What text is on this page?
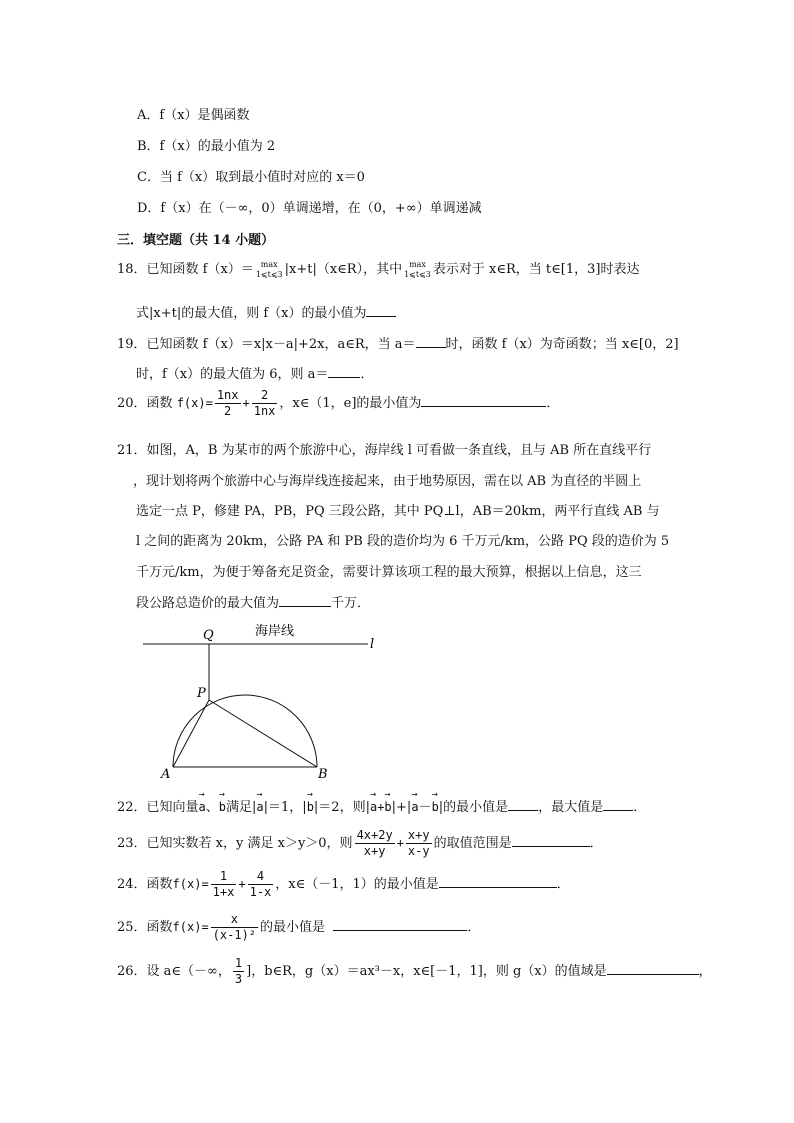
A．f（x）是偶函数
B．f（x）的最小值为 2
C．当 f（x）取到最小值时对应的 x＝0
D．f（x）在（－∞，0）单调递增，在（0，+∞）单调递减
三．填空题（共 14 小题）
18．已知函数 f（x）＝ max
1⩽t⩽3 |x+t|（x∈R），其中 max
1⩽t⩽3 表示对于 x∈R，当 t∈[1，3]时表达
式|x+t|的最大值，则 f（x）的最小值为
19．已知函数 f（x）＝x|x－a|+2x，a∈R，当 a＝ 时，函数 f（x）为奇函数；当 x∈[0，2]
时，f（x）的最大值为 6，则 a＝ ．
20．函数 $f(x)= \frac{1nx}{2} + \frac{2}{1nx}$ ，x∈（1，e]的最小值为	．
21．如图，A，B 为某市的两个旅游中心，海岸线 l 可看做一条直线，且与 AB 所在直线平行
，现计划将两个旅游中心与海岸线连接起来，由于地势原因，需在以 AB 为直径的半圆上
选定一点 P，修建 PA，PB，PQ 三段公路，其中 PQ⊥l，AB＝20km，两平行直线 AB 与
l 之间的距离为 20km，公路 PA 和 PB 段的造价均为 6 千万元/km，公路 PQ 段的造价为 5
千万元/km，为便于筹备充足资金，需要计算该项工程的最大预算，根据以上信息，这三
段公路总造价的最大值为	千万．
海岸线
Q
l
P
A	B
22．已知向量→ a、→ b满足|→ a|＝1，|→ b|＝2，则|→ a+→ b|+|→ a－→ b|的最小值是 ，最大值是 ．
23．已知实数若 x，y 满足 x＞y＞0，则 $\frac{4x+2y}{x+y} + \frac{x+y}{x-y}$ 的取值范围是	．
24．函数$f(x)= \frac{1}{1+x} + \frac{4}{1-x}$ ，x∈（－1，1）的最小值是	．
25．函数$f(x)= \frac{x}{\text{(x-1)²}}$ 的最小值是	．
26．设 a∈（－∞， $\frac{1}{3}$ ]，b∈R，g（x）＝ax³－x，x∈[－1，1]，则 g（x）的值域是	，
